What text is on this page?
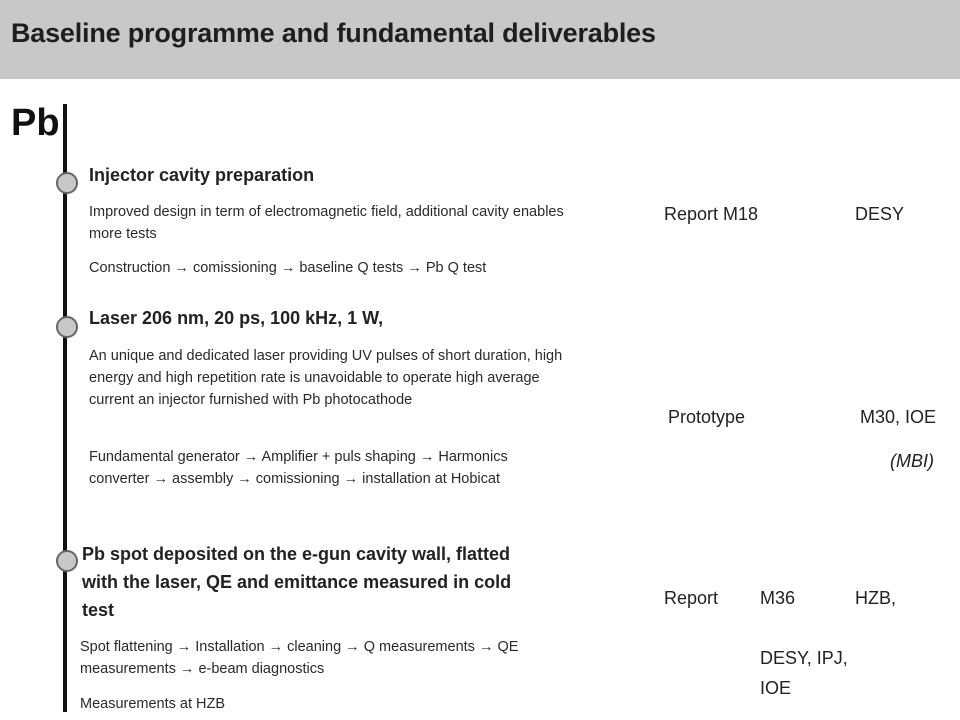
Baseline programme and fundamental deliverables
Pb
Injector cavity preparation
Improved design in term of electromagnetic field, additional cavity enables more tests
Construction → comissioning → baseline Q tests → Pb Q test
Report M18	DESY
Laser 206 nm, 20 ps, 100 kHz, 1 W,
An unique and dedicated laser providing UV pulses of short duration, high energy and high repetition rate is unavoidable to operate high average current an injector furnished with Pb photocathode
Fundamental generator → Amplifier + puls shaping → Harmonics converter → assembly → comissioning → installation at Hobicat
Prototype	M30, IOE
(MBI)
Pb spot deposited on the e-gun cavity wall, flatted with the laser, QE and emittance measured in cold test
Spot flattening → Installation → cleaning → Q measurements → QE measurements → e-beam diagnostics
Measurements at HZB
Report M36	HZB,
DESY, IPJ, IOE
